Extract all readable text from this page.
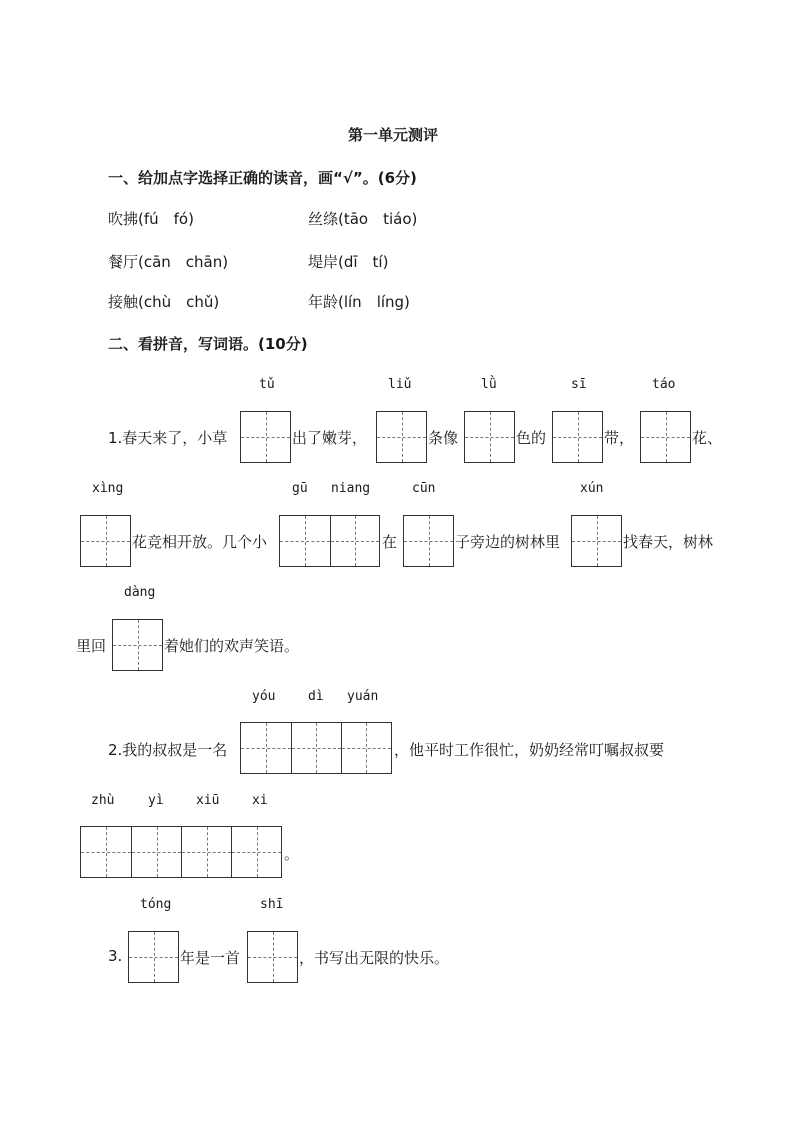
第一单元测评
一、给加点字选择正确的读音，画“√”。(6分)
吹拂(fú　fó)	丝绦(tāo　tiáo)
餐厅(cān　chān)	堤岸(dī　tí)
接触(chù　chǔ)	年龄(lín　líng)
二、看拼音，写词语。(10分)
tǔ	liǔ	lǜ	sī	táo
1.春天来了，小草	出了嫩芽，	条像	色的	带，	花、
xìng	gū niang	cūn	xún
花竞相开放。几个小	在	子旁边的树林里	找春天，树林
dàng
里回	着她们的欢声笑语。
yóu	dì yuán
2.我的叔叔是一名	，他平时工作很忙，奶奶经常叮嘱叔叔要
zhù	yì xiū	xi
。
tóng	shī
3.	年是一首	，书写出无限的快乐。
